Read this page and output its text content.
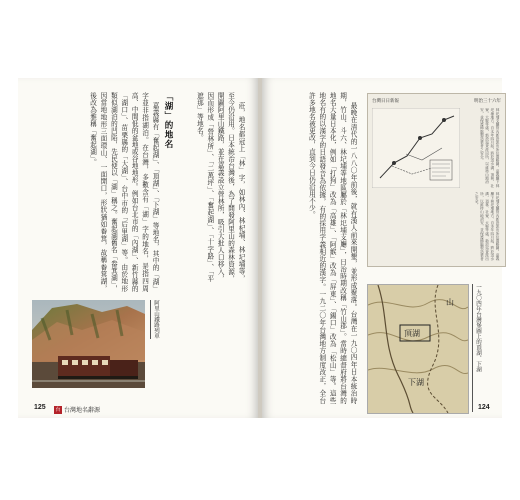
莊，地名都冠上「林」字，如林內、林杞埔、林圮埔等，至今仍沿用。日本統治台灣後，為了開發阿里山的森林資源，開闢阿里山鐵路，並在嘉義設立營林所，吸引大批人口移入，因而形成「營林所」、「二萬坪」、「奮起湖」、「十字路」、「平遮那」等地名。

「湖」的地名

嘉義縣有「奮起湖」、「頂湖」、「下湖」等地名，其中的「湖」字並非指湖泊。在台灣，多數含有「湖」字的地名，是指四周高、中間低的盆地或谷地地形。例如台北市的「內湖」、新竹縣的「湖口」、苗栗縣的「大湖」、台中市的「后里湖」等。由於地形類似湖泊的凹陷，先民便以「湖」稱之。奮起湖舊名「畚箕湖」，因當地地形三面環山、一面開口，形狀猶如畚箕，故稱畚箕湖，後改為雅稱「奮起湖」。

阿里山鐵路列車
125 台 台灣地名辭源

最晚在清代的一八八〇年前後，就有漢人前來開墾，並形成聚落。台灣在一九〇四年日本統治時期，竹山、斗六、林圮埔等地區屬於「林圯埔支廳」，日治時期改稱「竹山郡」。當時總督府將台灣的地名大量日本化，例如「打狗」改為「高雄」、「阿緱」改為「屏東」、「錫口」改為「松山」等。這些地名有的以漢字的日語發音為依據，有的採用字義相近的漢字。一九二〇年台灣地方制度改正，全台許多地名被更改，直到今日仍沿用不少。	台灣日日新報	明治三十六年
林圯埔支廳管內新設派出所位置略圖，嘉義廳下林圯埔地方，自本年四月起，將於清水溝、頂林、社寮、大鞍等處，新設巡查派出所，以維持山地治安，並保護樟腦製造業者之安全。
林圯埔支廳管內新設派出所位置略圖，嘉義廳下林圯埔地方，自本年四月起，將於清水溝、頂林、社寮、大鞍等處，新設巡查派出所，以維持山地治安，並保護樟腦製造業者之安全。
頂湖
下湖
山	一九〇四年台灣堡圖上的頂湖、下湖
124
